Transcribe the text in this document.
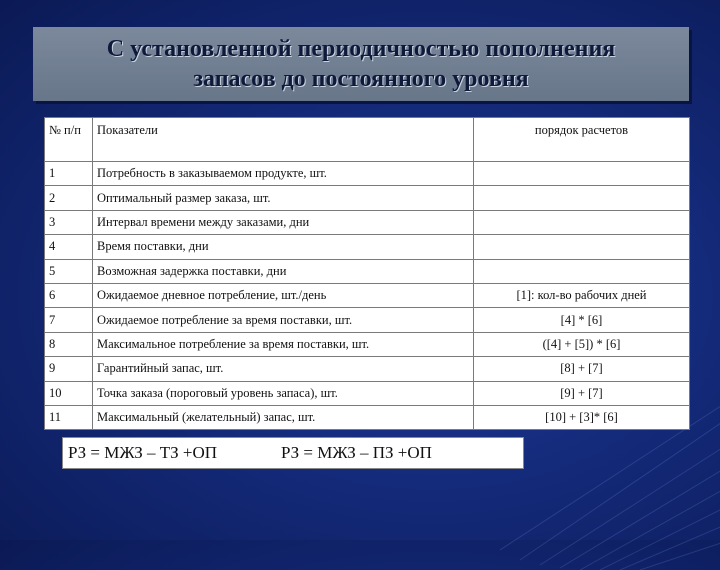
С установленной периодичностью пополнения
запасов до постоянного уровня
№ п/п	Показатели	порядок расчетов
1	Потребность в заказываемом продукте, шт.	
2	Оптимальный размер заказа, шт.	
3	Интервал времени между заказами, дни	
4	Время поставки, дни	
5	Возможная задержка поставки, дни	
6	Ожидаемое дневное потребление, шт./день	[1]: кол-во рабочих дней
7	Ожидаемое потребление за время поставки, шт.	[4] * [6]
8	Максимальное потребление за время поставки, шт.	([4] + [5]) * [6]
9	Гарантийный запас, шт.	[8] + [7]
10	Точка заказа (пороговый уровень запаса), шт.	[9] + [7]
11	Максимальный (желательный) запас, шт.	[10] + [3]* [6]
РЗ = МЖЗ – ТЗ +ОП	РЗ = МЖЗ – ПЗ +ОП
